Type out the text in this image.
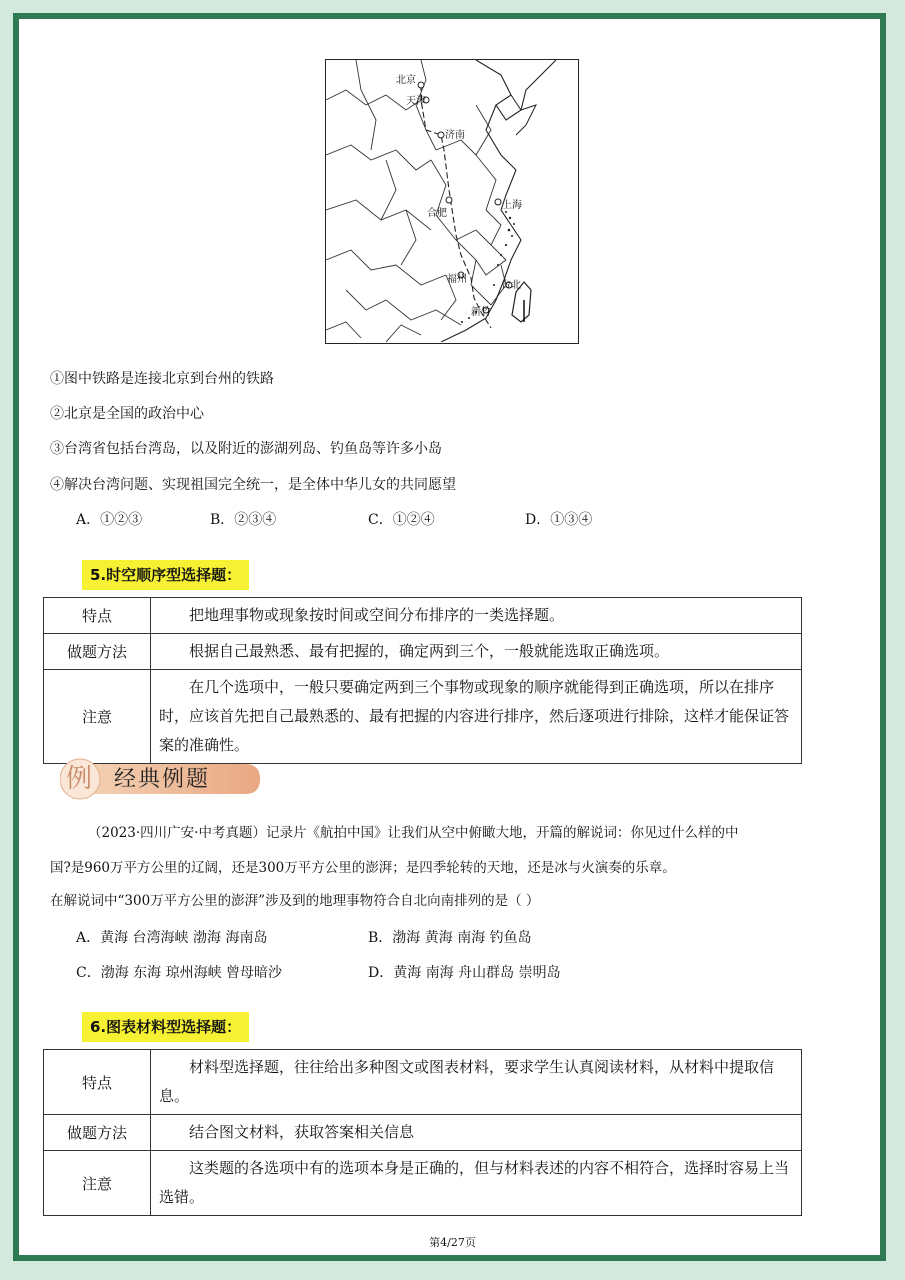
北京
天津
济南
合肥
上海
福州
台北
新竹
①图中铁路是连接北京到台州的铁路
②北京是全国的政治中心
③台湾省包括台湾岛，以及附近的澎湖列岛、钓鱼岛等许多小岛
④解决台湾问题、实现祖国完全统一，是全体中华儿女的共同愿望
A．①②③	B．②③④	C．①②④	D．①③④
5.时空顺序型选择题：
特点	把地理事物或现象按时间或空间分布排序的一类选择题。
做题方法	根据自己最熟悉、最有把握的，确定两到三个，一般就能选取正确选项。
注意	在几个选项中，一般只要确定两到三个事物或现象的顺序就能得到正确选项，所以在排序时，应该首先把自己最熟悉的、最有把握的内容进行排序，然后逐项进行排除，这样才能保证答案的准确性。
例 经典例题
（2023·四川广安·中考真题）记录片《航拍中国》让我们从空中俯瞰大地，开篇的解说词：你见过什么样的中
国?是960万平方公里的辽阔，还是300万平方公里的澎湃；是四季轮转的天地，还是冰与火演奏的乐章。
在解说词中“300万平方公里的澎湃”涉及到的地理事物符合自北向南排列的是（ ）
A．黄海 台湾海峡 渤海 海南岛	B．渤海 黄海 南海 钓鱼岛
C．渤海 东海 琼州海峡 曾母暗沙	D．黄海 南海 舟山群岛 崇明岛
6.图表材料型选择题：
特点	材料型选择题，往往给出多种图文或图表材料，要求学生认真阅读材料，从材料中提取信息。
做题方法	结合图文材料，获取答案相关信息
注意	这类题的各选项中有的选项本身是正确的，但与材料表述的内容不相符合，选择时容易上当选错。
第4/27页
